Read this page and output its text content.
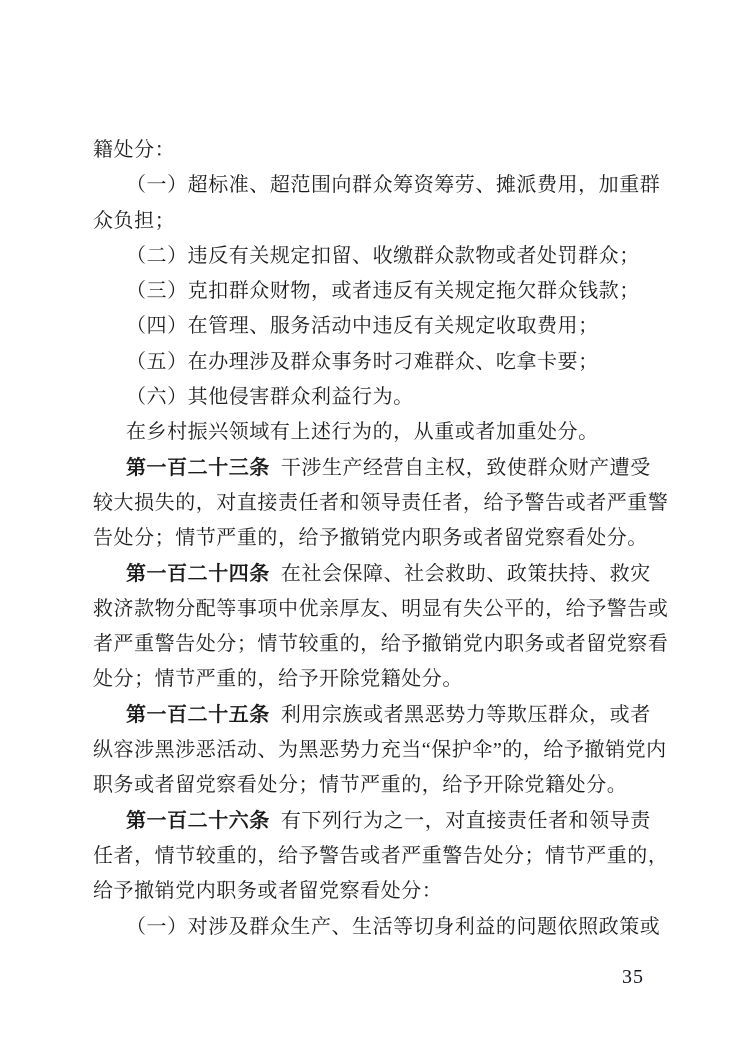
籍处分：
（一）超标准、超范围向群众筹资筹劳、摊派费用，加重群
众负担；
（二）违反有关规定扣留、收缴群众款物或者处罚群众；
（三）克扣群众财物，或者违反有关规定拖欠群众钱款；
（四）在管理、服务活动中违反有关规定收取费用；
（五）在办理涉及群众事务时刁难群众、吃拿卡要；
（六）其他侵害群众利益行为。
在乡村振兴领域有上述行为的，从重或者加重处分。
第一百二十三条 干涉生产经营自主权，致使群众财产遭受
较大损失的，对直接责任者和领导责任者，给予警告或者严重警
告处分；情节严重的，给予撤销党内职务或者留党察看处分。
第一百二十四条 在社会保障、社会救助、政策扶持、救灾
救济款物分配等事项中优亲厚友、明显有失公平的，给予警告或
者严重警告处分；情节较重的，给予撤销党内职务或者留党察看
处分；情节严重的，给予开除党籍处分。
第一百二十五条 利用宗族或者黑恶势力等欺压群众，或者
纵容涉黑涉恶活动、为黑恶势力充当“保护伞”的，给予撤销党内
职务或者留党察看处分；情节严重的，给予开除党籍处分。
第一百二十六条 有下列行为之一，对直接责任者和领导责
任者，情节较重的，给予警告或者严重警告处分；情节严重的，
给予撤销党内职务或者留党察看处分：
（一）对涉及群众生产、生活等切身利益的问题依照政策或
35
